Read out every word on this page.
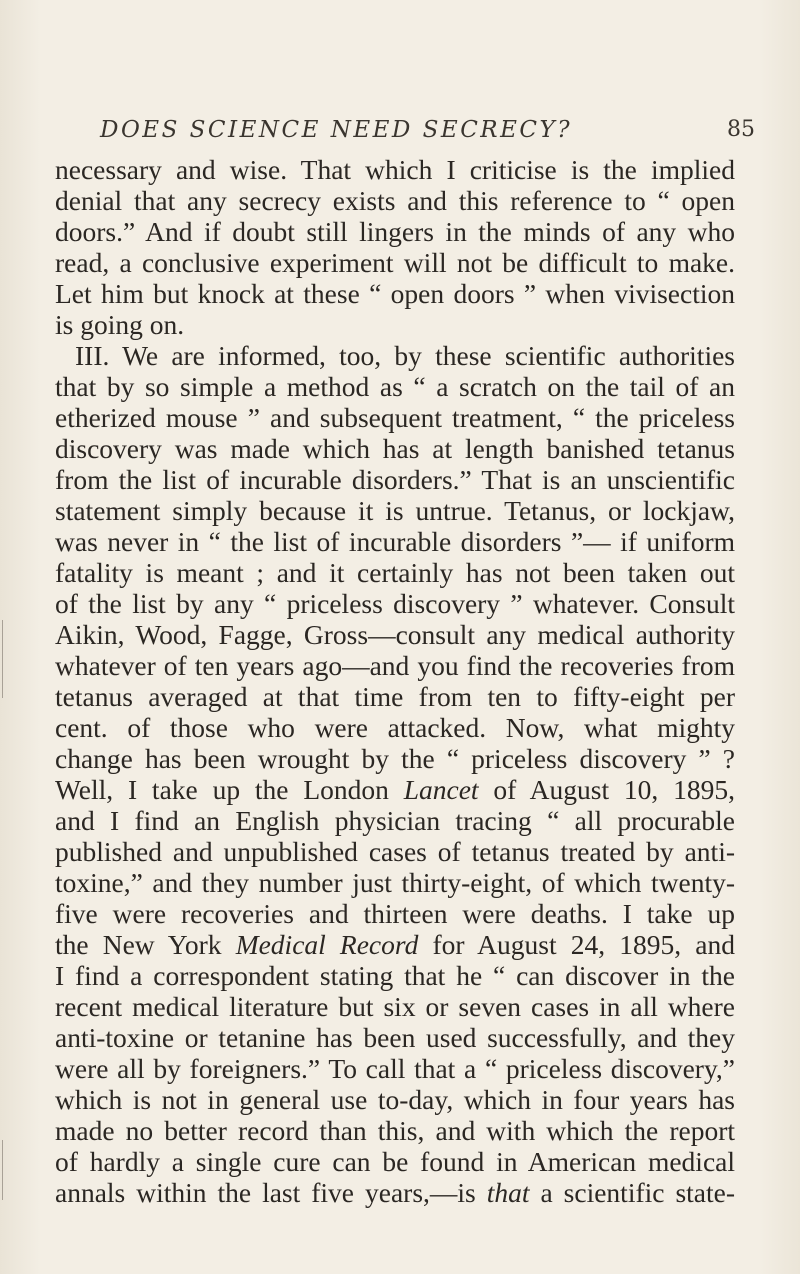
DOES SCIENCE NEED SECRECY?	85
necessary and wise. That which I criticise is the implied
denial that any secrecy exists and this reference to “ open
doors.” And if doubt still lingers in the minds of any who
read, a conclusive experiment will not be difficult to make.
Let him but knock at these “ open doors ” when vivisection
is going on.
III. We are informed, too, by these scientific authorities
that by so simple a method as “ a scratch on the tail of an
etherized mouse ” and subsequent treatment, “ the priceless
discovery was made which has at length banished tetanus
from the list of incurable disorders.” That is an unscientific
statement simply because it is untrue. Tetanus, or lockjaw,
was never in “ the list of incurable disorders ”— if uniform
fatality is meant ; and it certainly has not been taken out
of the list by any “ priceless discovery ” whatever. Consult
Aikin, Wood, Fagge, Gross—consult any medical authority
whatever of ten years ago—and you find the recoveries from
tetanus averaged at that time from ten to fifty-eight per
cent. of those who were attacked. Now, what mighty
change has been wrought by the “ priceless discovery ” ?
Well, I take up the London Lancet of August 10, 1895,
and I find an English physician tracing “ all procurable
published and unpublished cases of tetanus treated by anti-
toxine,” and they number just thirty-eight, of which twenty-
five were recoveries and thirteen were deaths. I take up
the New York Medical Record for August 24, 1895, and
I find a correspondent stating that he “ can discover in the
recent medical literature but six or seven cases in all where
anti-toxine or tetanine has been used successfully, and they
were all by foreigners.” To call that a “ priceless discovery,”
which is not in general use to-day, which in four years has
made no better record than this, and with which the report
of hardly a single cure can be found in American medical
annals within the last five years,—is that a scientific state-
